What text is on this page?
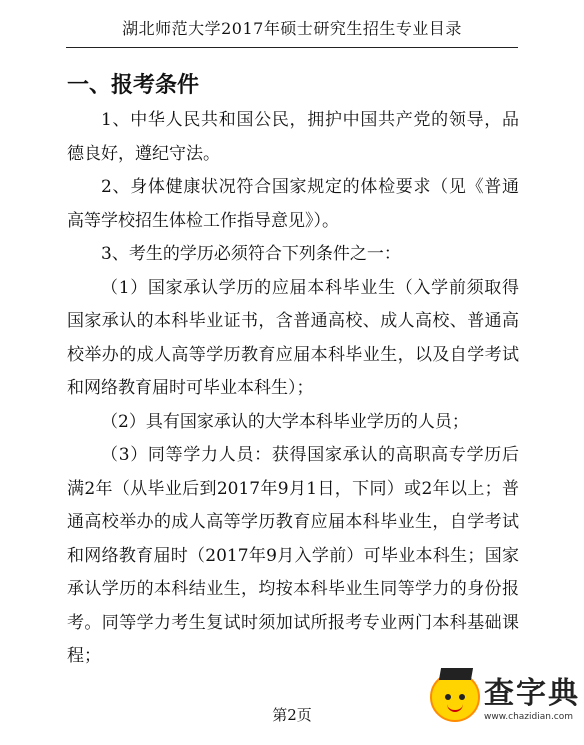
湖北师范大学2017年硕士研究生招生专业目录
一、报考条件

1、中华人民共和国公民，拥护中国共产党的领导，品德良好，遵纪守法。

2、身体健康状况符合国家规定的体检要求（见《普通高等学校招生体检工作指导意见》）。

3、考生的学历必须符合下列条件之一：

（1）国家承认学历的应届本科毕业生（入学前须取得国家承认的本科毕业证书，含普通高校、成人高校、普通高校举办的成人高等学历教育应届本科毕业生，以及自学考试和网络教育届时可毕业本科生）；

（2）具有国家承认的大学本科毕业学历的人员；

（3）同等学力人员：获得国家承认的高职高专学历后满2年（从毕业后到2017年9月1日，下同）或2年以上；普通高校举办的成人高等学历教育应届本科毕业生，自学考试和网络教育届时（2017年9月入学前）可毕业本科生；国家承认学历的本科结业生，均按本科毕业生同等学力的身份报考。同等学力考生复试时须加试所报考专业两门本科基础课程；

第2页
查字典
www.chazidian.com
